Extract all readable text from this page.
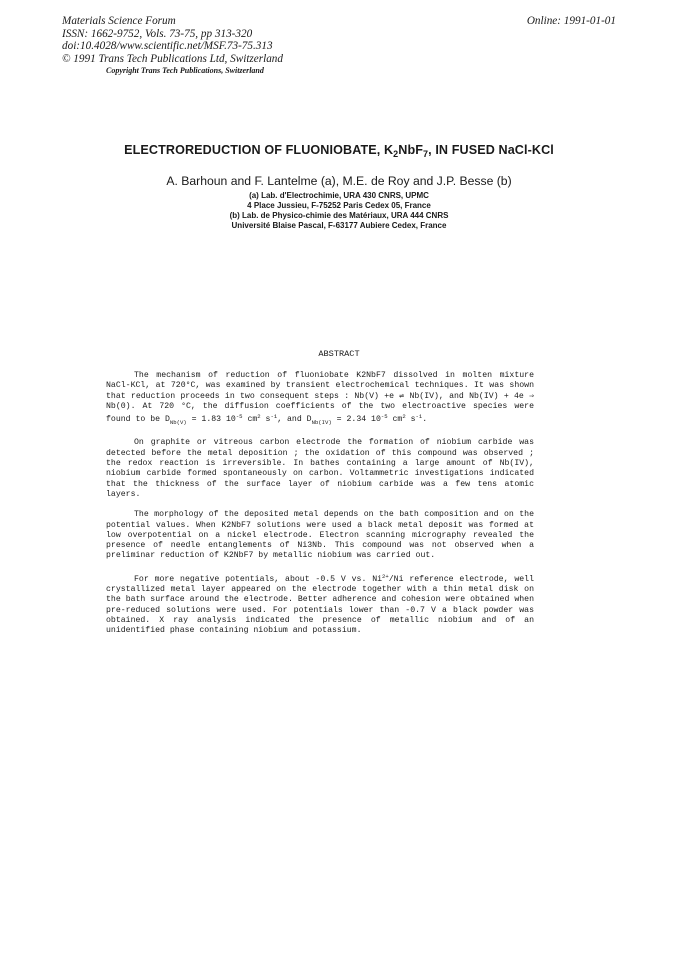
Materials Science Forum
ISSN: 1662-9752, Vols. 73-75, pp 313-320
doi:10.4028/www.scientific.net/MSF.73-75.313
© 1991 Trans Tech Publications Ltd, Switzerland
Online: 1991-01-01
Copyright Trans Tech Publications, Switzerland
ELECTROREDUCTION OF FLUONIOBATE, $K_2NbF_7$, IN FUSED NaCl-KCl
A. Barhoun and F. Lantelme (a), M.E. de Roy and J.P. Besse (b)
(a) Lab. d'Electrochimie, URA 430 CNRS, UPMC
4 Place Jussieu, F-75252 Paris Cedex 05, France
(b) Lab. de Physico-chimie des Matériaux, URA 444 CNRS
Université Blaise Pascal, F-63177 Aubiere Cedex, France
ABSTRACT

The mechanism of reduction of fluoniobate K2NbF7 dissolved in molten mixture NaCl-KCl, at 720°C, was examined by transient electrochemical techniques. It was shown that reduction proceeds in two consequent steps : Nb(V) +e ⇌ Nb(IV), and Nb(IV) + 4e ⇒ Nb(0). At 720 °C, the diffusion coefficients of the two electroactive species were found to be $D_{Nb(V)} = 1.83$ $10^{-5}$ $cm^2$ $s^{-1}$, and $D_{Nb(IV)} = 2.34$ $10^{-5}$ $cm^2$ $s^{-1}$.

On graphite or vitreous carbon electrode the formation of niobium carbide was detected before the metal deposition ; the oxidation of this compound was observed ; the redox reaction is irreversible. In bathes containing a large amount of Nb(IV), niobium carbide formed spontaneously on carbon. Voltammetric investigations indicated that the thickness of the surface layer of niobium carbide was a few tens atomic layers.

The morphology of the deposited metal depends on the bath composition and on the potential values. When K2NbF7 solutions were used a black metal deposit was formed at low overpotential on a nickel electrode. Electron scanning micrography revealed the presence of needle entanglements of Ni3Nb. This compound was not observed when a preliminar reduction of K2NbF7 by metallic niobium was carried out.

For more negative potentials, about -0.5 V vs. $Ni^{2+}/Ni$ reference electrode, well crystallized metal layer appeared on the electrode together with a thin metal disk on the bath surface around the electrode. Better adherence and cohesion were obtained when pre-reduced solutions were used. For potentials lower than -0.7 V a black powder was obtained. X ray analysis indicated the presence of metallic niobium and of an unidentified phase containing niobium and potassium.
